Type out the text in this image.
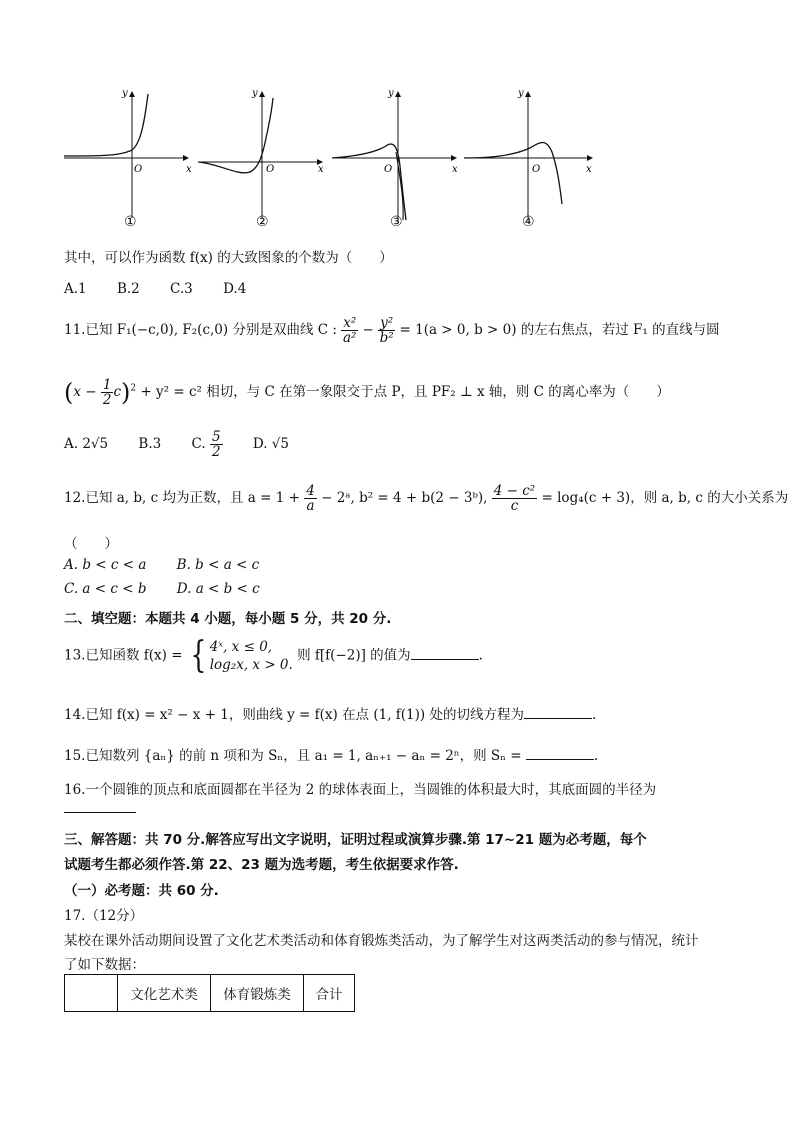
y
x
O
y
x
O
y
x
O
y
x
O
①	②	③	④
其中，可以作为函数 f(x) 的大致图象的个数为（　　）
A.1 B.2 C.3 D.4
11.已知 F₁(−c,0), F₂(c,0) 分别是双曲线 C : $\frac{\text{x²}}{\text{a²}} - \frac{\text{y²}}{\text{b²}} = 1(a > 0$, b > 0) 的左右焦点，若过 F₁ 的直线与圆
$(x - \frac{1}{2} c)^2 + y^2 = c^2$ 相切，与 C 在第一象限交于点 P，且 PF₂ ⊥ x 轴，则 C 的离心率为（　　）
A. 2√5 B.3 C. $\frac{5}{2} D$. √5
12.已知 a, b, c 均为正数，且 $a = 1 + \frac{4}{a}$ − 2ᵃ, b² = 4 + b(2 − 3ᵇ), $\frac{\text{4 − c²}}{c} = \log_4(c + 3)$，则 a, b, c 的大小关系为
（　　）
A. b < c < a B. b < a < c
C. a < c < b D. a < b < c
二、填空题：本题共 4 小题，每小题 5 分，共 20 分.
13.已知函数 f(x) = { 4ˣ, x ≤ 0,
log₂x, x > 0.
则 f[f(−2)] 的值为	.
14.已知 f(x) = x² − x + 1，则曲线 y = f(x) 在点 (1, f(1)) 处的切线方程为	.
15.已知数列 {aₙ} 的前 n 项和为 Sₙ，且 a₁ = 1, aₙ₊₁ − aₙ = 2ⁿ，则 Sₙ =	.
16.一个圆锥的顶点和底面圆都在半径为 2 的球体表面上，当圆锥的体积最大时，其底面圆的半径为
三、解答题：共 70 分.解答应写出文字说明，证明过程或演算步骤.第 17~21 题为必考题，每个
试题考生都必须作答.第 22、23 题为选考题，考生依据要求作答.
（一）必考题：共 60 分.
17.（12分）
某校在课外活动期间设置了文化艺术类活动和体育锻炼类活动，为了解学生对这两类活动的参与情况，统计
了如下数据：
	文化艺术类	体育锻炼类	合计
